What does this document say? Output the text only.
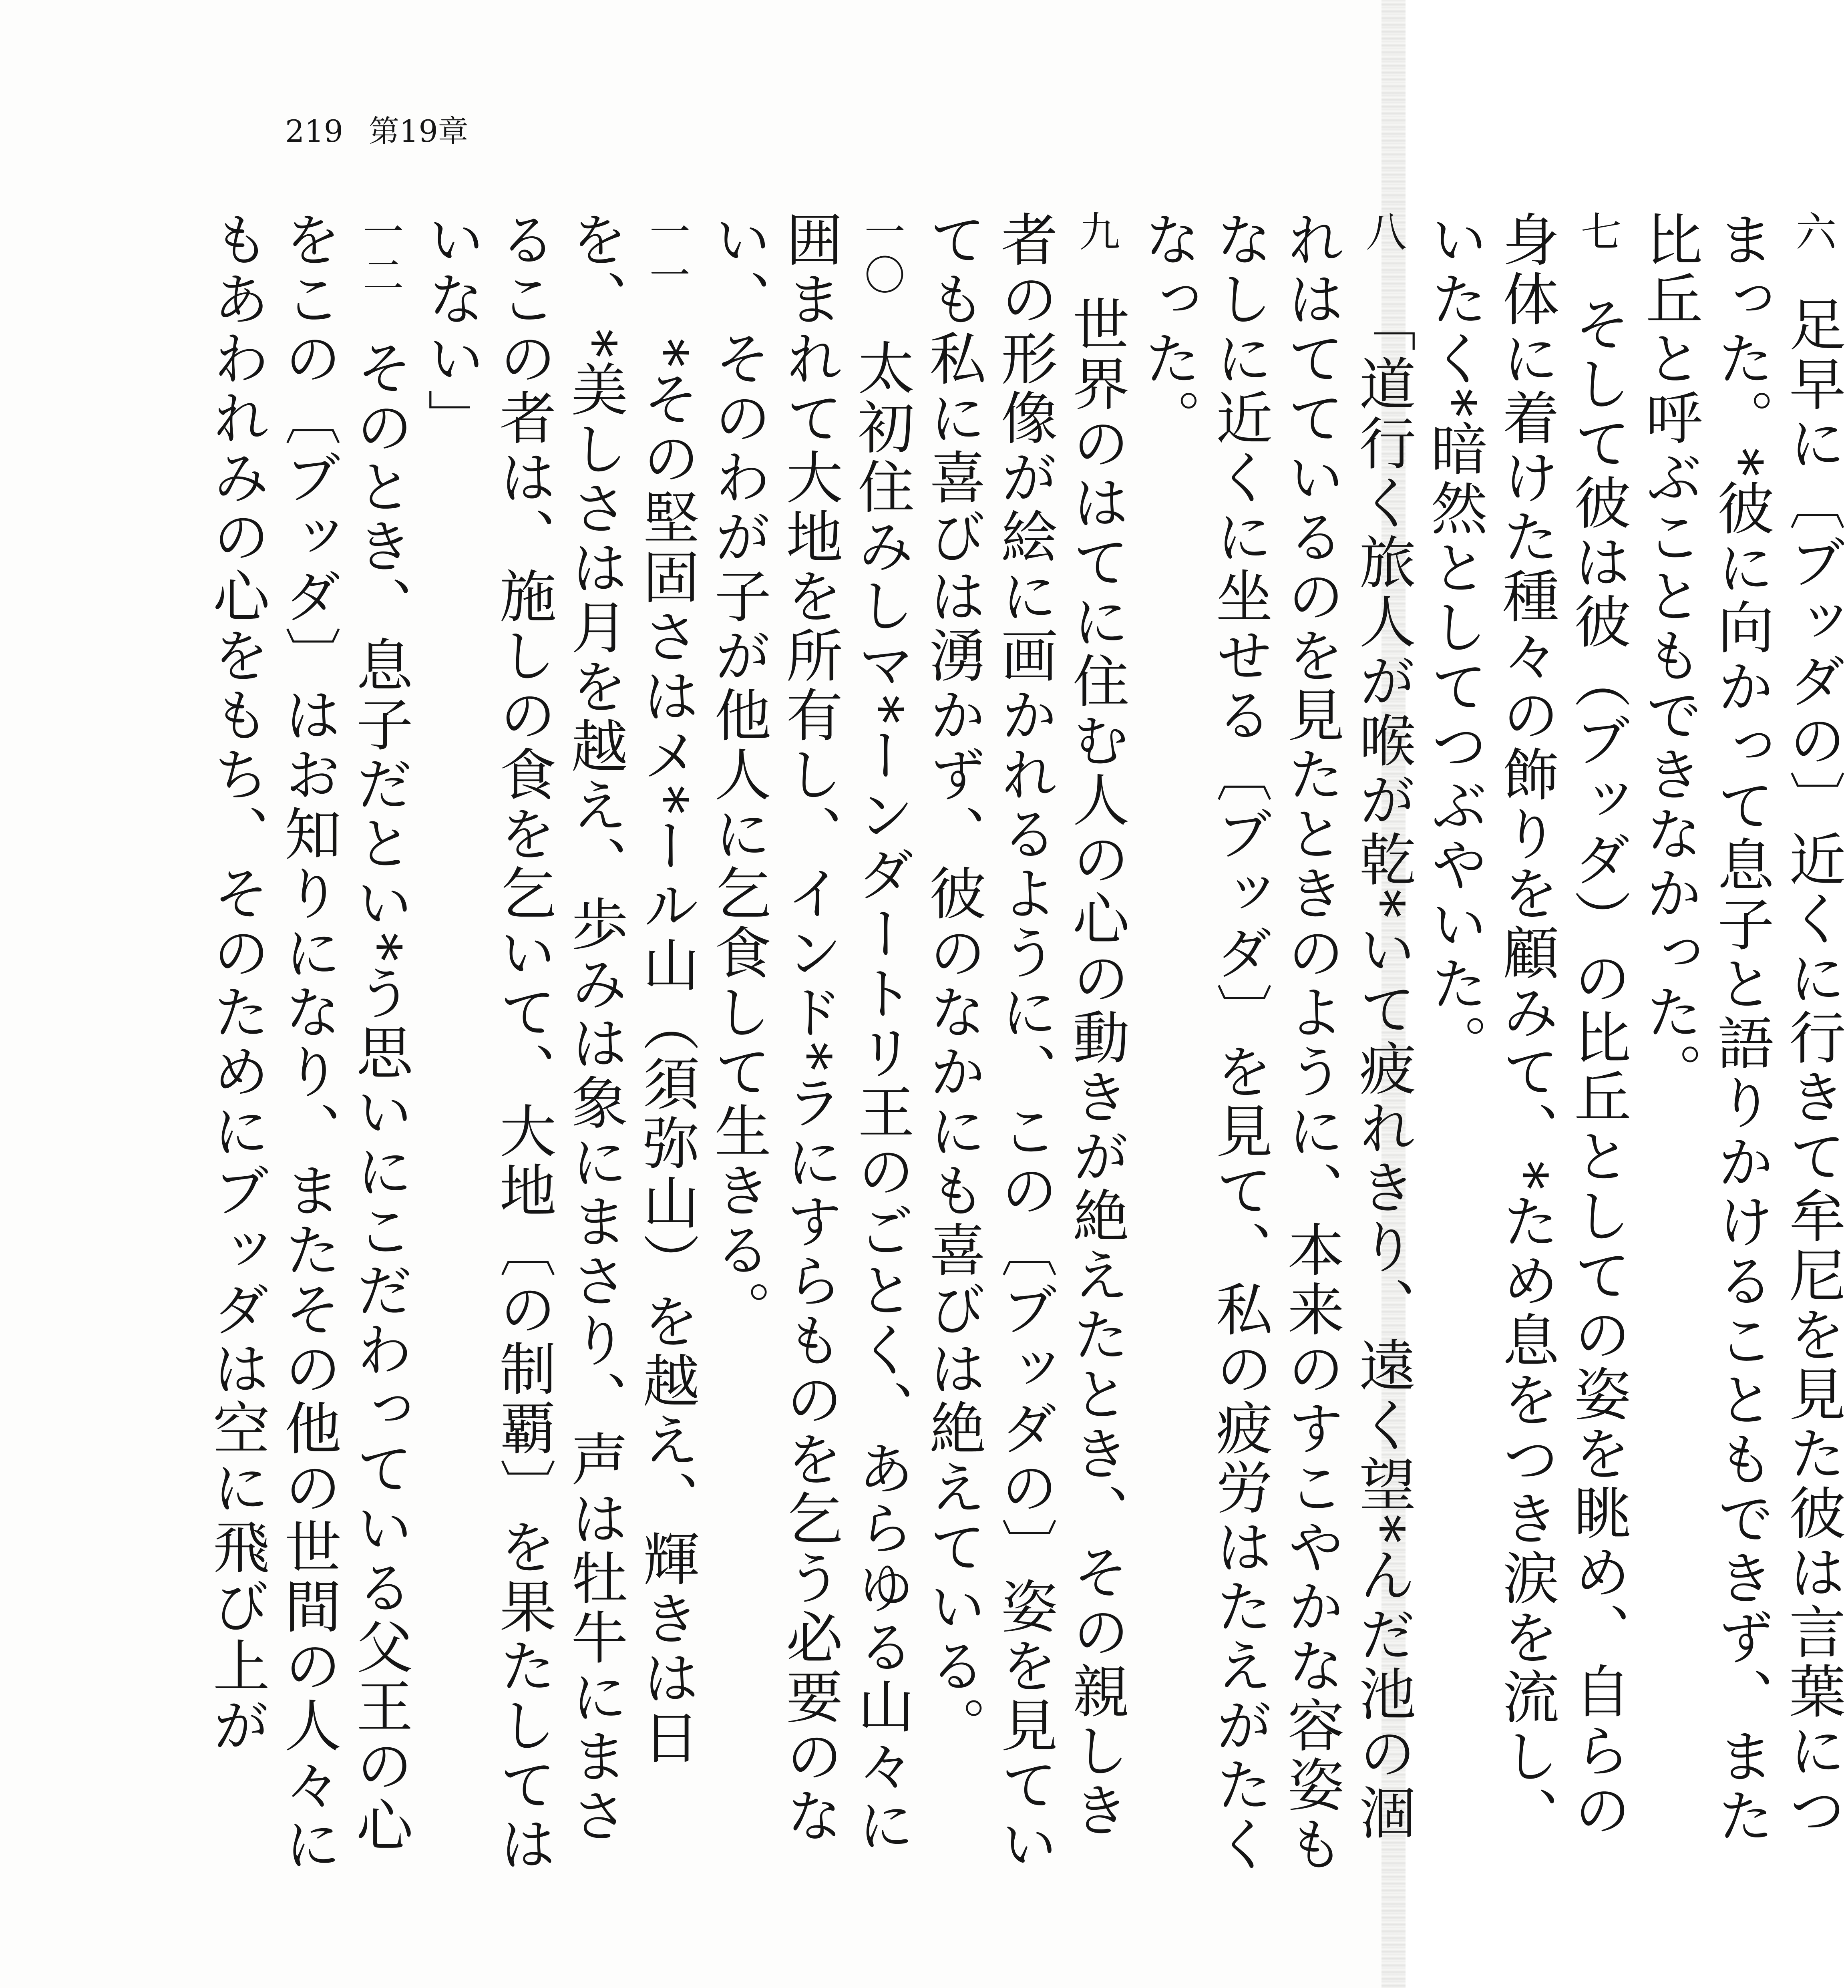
219 第19章

六  足早に〔ブッダの〕近くに行きて牟尼を見た彼は言葉につまった。*彼に向かって息子と語りかけることもできず、また比丘と呼ぶこともできなかった。

七  そして彼は彼（ブッダ）の比丘としての姿を眺め、自らの身体に着けた種々の飾りを顧みて、*ため息をつき涙を流し、いたく*暗然としてつぶやいた。

八  「道行く旅人が喉が乾*いて疲れきり、遠く望*んだ池の涸れはてているのを見たときのように、本来のすこやかな容姿もなしに近くに坐せる〔ブッダ〕を見て、私の疲労はたえがたくなった。

九  世界のはてに住む人の心の動きが絶えたとき、その親しき者の形像が絵に画かれるように、この〔ブッダの〕姿を見ていても私に喜びは湧かず、彼のなかにも喜びは絶えている。

一〇  太初住みしマ*ーンダートリ王のごとく、あらゆる山々に囲まれて大地を所有し、インド*ラにすらものを乞う必要のない、そのわが子が他人に乞食して生きる。

一一  *その堅固さはメ*ール山（須弥山）を越え、輝きは日を、*美しさは月を越え、歩みは象にまさり、声は牡牛にまさるこの者は、施しの食を乞いて、大地〔の制覇〕を果たしてはいない」

一二  そのとき、息子だとい*う思いにこだわっている父王の心をこの〔ブッダ〕はお知りになり、またその他の世間の人々にもあわれみの心をもち、そのためにブッダは空に飛び上が
